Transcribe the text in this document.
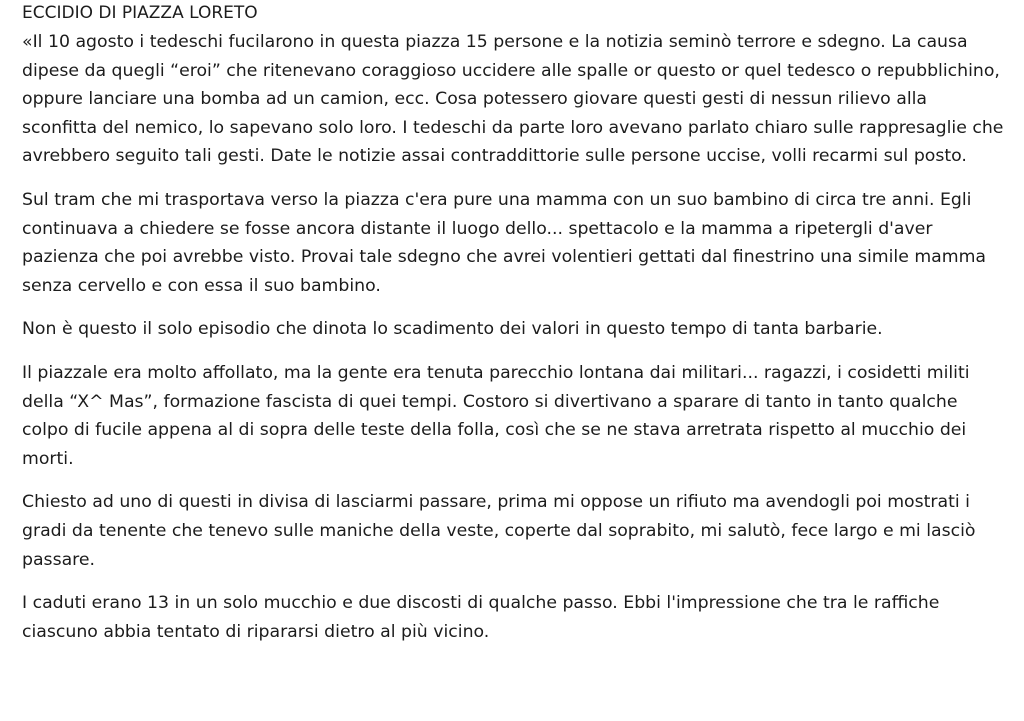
ECCIDIO DI PIAZZA LORETO

«Il 10 agosto i tedeschi fucilarono in questa piazza 15 persone e la notizia seminò terrore e sdegno. La causa dipese da quegli “eroi” che ritenevano coraggioso uccidere alle spalle or questo or quel tedesco o repubblichino, oppure lanciare una bomba ad un camion, ecc. Cosa potessero giovare questi gesti di nessun rilievo alla sconfitta del nemico, lo sapevano solo loro. I tedeschi da parte loro avevano parlato chiaro sulle rappresaglie che avrebbero seguito tali gesti. Date le notizie assai contraddittorie sulle persone uccise, volli recarmi sul posto.

Sul tram che mi trasportava verso la piazza c'era pure una mamma con un suo bambino di circa tre anni. Egli continuava a chiedere se fosse ancora distante il luogo dello... spettacolo e la mamma a ripetergli d'aver pazienza che poi avrebbe visto. Provai tale sdegno che avrei volentieri gettati dal finestrino una simile mamma senza cervello e con essa il suo bambino.

Non è questo il solo episodio che dinota lo scadimento dei valori in questo tempo di tanta barbarie.

Il piazzale era molto affollato, ma la gente era tenuta parecchio lontana dai militari... ragazzi, i cosidetti militi della “X^ Mas”, formazione fascista di quei tempi. Costoro si divertivano a sparare di tanto in tanto qualche colpo di fucile appena al di sopra delle teste della folla, così che se ne stava arretrata rispetto al mucchio dei morti.

Chiesto ad uno di questi in divisa di lasciarmi passare, prima mi oppose un rifiuto ma avendogli poi mostrati i gradi da tenente che tenevo sulle maniche della veste, coperte dal soprabito, mi salutò, fece largo e mi lasciò passare.

I caduti erano 13 in un solo mucchio e due discosti di qualche passo. Ebbi l'impressione che tra le raffiche ciascuno abbia tentato di ripararsi dietro al più vicino.
